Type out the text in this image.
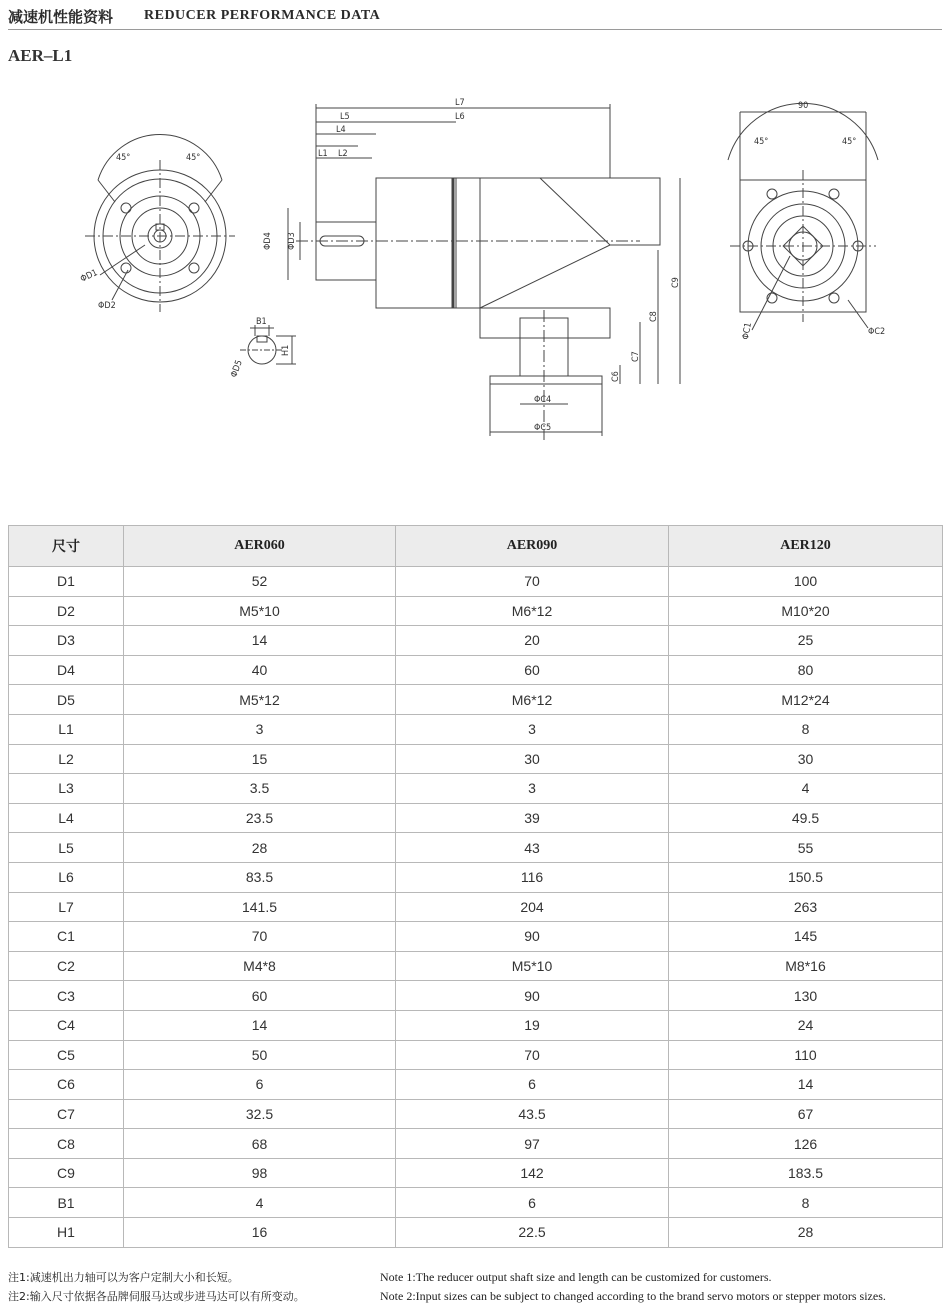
减速机性能资料 REDUCER PERFORMANCE DATA
AER–L1
L7
L6
L5
L4
L1 L2
ΦD4 ΦD3
ΦD1
ΦD2
ΦD5
B1
H1
ΦC1	ΦC2
ΦC4
ΦC5
C6
C7
C8
C9
45°	45°
45°	45°
90
尺寸	AER060	AER090	AER120
D1	52	70	100
D2	M5*10	M6*12	M10*20
D3	14	20	25
D4	40	60	80
D5	M5*12	M6*12	M12*24
L1	3	3	8
L2	15	30	30
L3	3.5	3	4
L4	23.5	39	49.5
L5	28	43	55
L6	83.5	116	150.5
L7	141.5	204	263
C1	70	90	145
C2	M4*8	M5*10	M8*16
C3	60	90	130
C4	14	19	24
C5	50	70	110
C6	6	6	14
C7	32.5	43.5	67
C8	68	97	126
C9	98	142	183.5
B1	4	6	8
H1	16	22.5	28
注1:减速机出力轴可以为客户定制大小和长短。
注2:输入尺寸依据各品牌伺服马达或步进马达可以有所变动。
Note 1:The reducer output shaft size and length can be customized for customers.
Note 2:Input sizes can be subject to changed according to the brand servo motors or stepper motors sizes.
